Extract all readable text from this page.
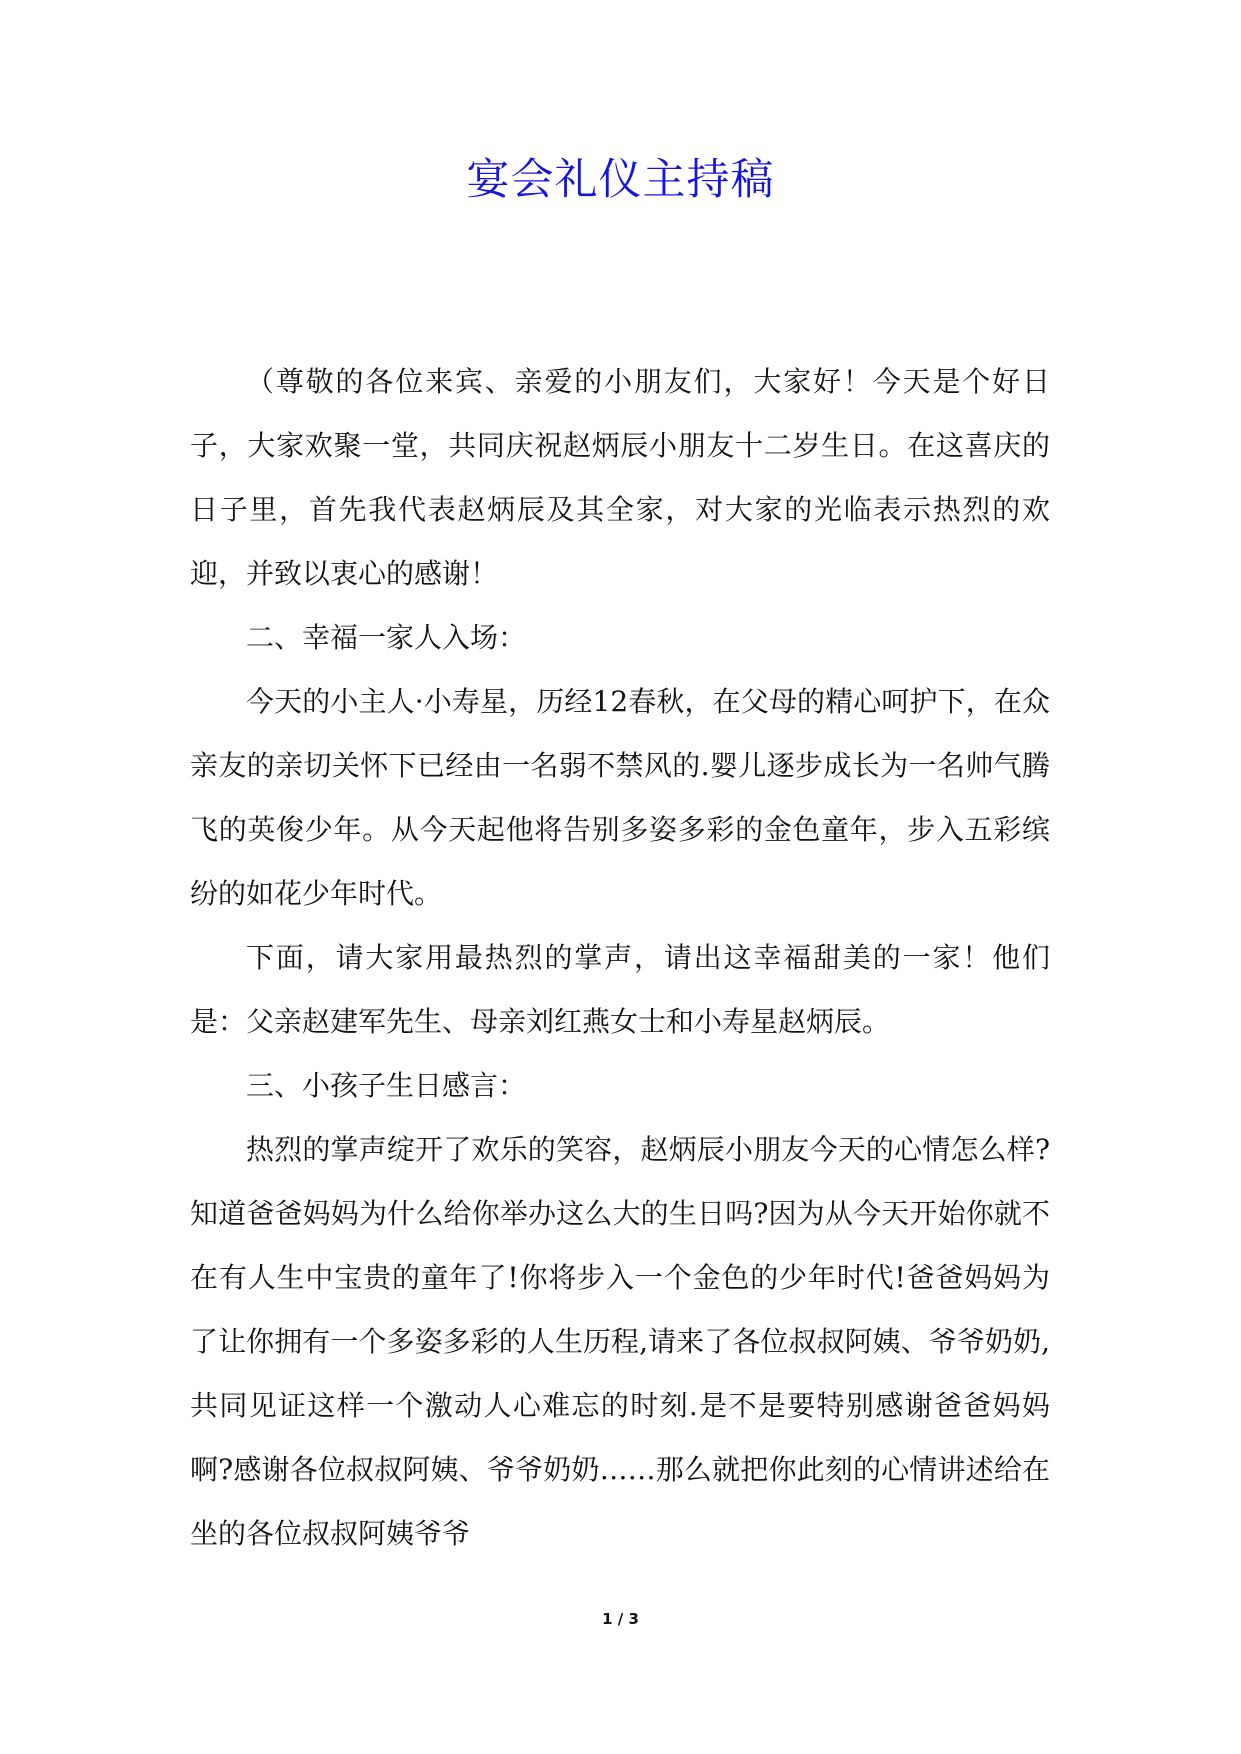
宴会礼仪主持稿

（尊敬的各位来宾、亲爱的小朋友们，大家好！今天是个好日子，大家欢聚一堂，共同庆祝赵炳辰小朋友十二岁生日。在这喜庆的日子里，首先我代表赵炳辰及其全家，对大家的光临表示热烈的欢迎，并致以衷心的感谢！

二、幸福一家人入场：

今天的小主人·小寿星，历经12春秋，在父母的精心呵护下，在众亲友的亲切关怀下已经由一名弱不禁风的.婴儿逐步成长为一名帅气腾飞的英俊少年。从今天起他将告别多姿多彩的金色童年，步入五彩缤纷的如花少年时代。

下面，请大家用最热烈的掌声，请出这幸福甜美的一家！他们是：父亲赵建军先生、母亲刘红燕女士和小寿星赵炳辰。

三、小孩子生日感言：

热烈的掌声绽开了欢乐的笑容，赵炳辰小朋友今天的心情怎么样?知道爸爸妈妈为什么给你举办这么大的生日吗?因为从今天开始你就不在有人生中宝贵的童年了!你将步入一个金色的少年时代!爸爸妈妈为了让你拥有一个多姿多彩的人生历程,请来了各位叔叔阿姨、爷爷奶奶,共同见证这样一个激动人心难忘的时刻.是不是要特别感谢爸爸妈妈啊?感谢各位叔叔阿姨、爷爷奶奶……那么就把你此刻的心情讲述给在坐的各位叔叔阿姨爷爷

1 / 3
